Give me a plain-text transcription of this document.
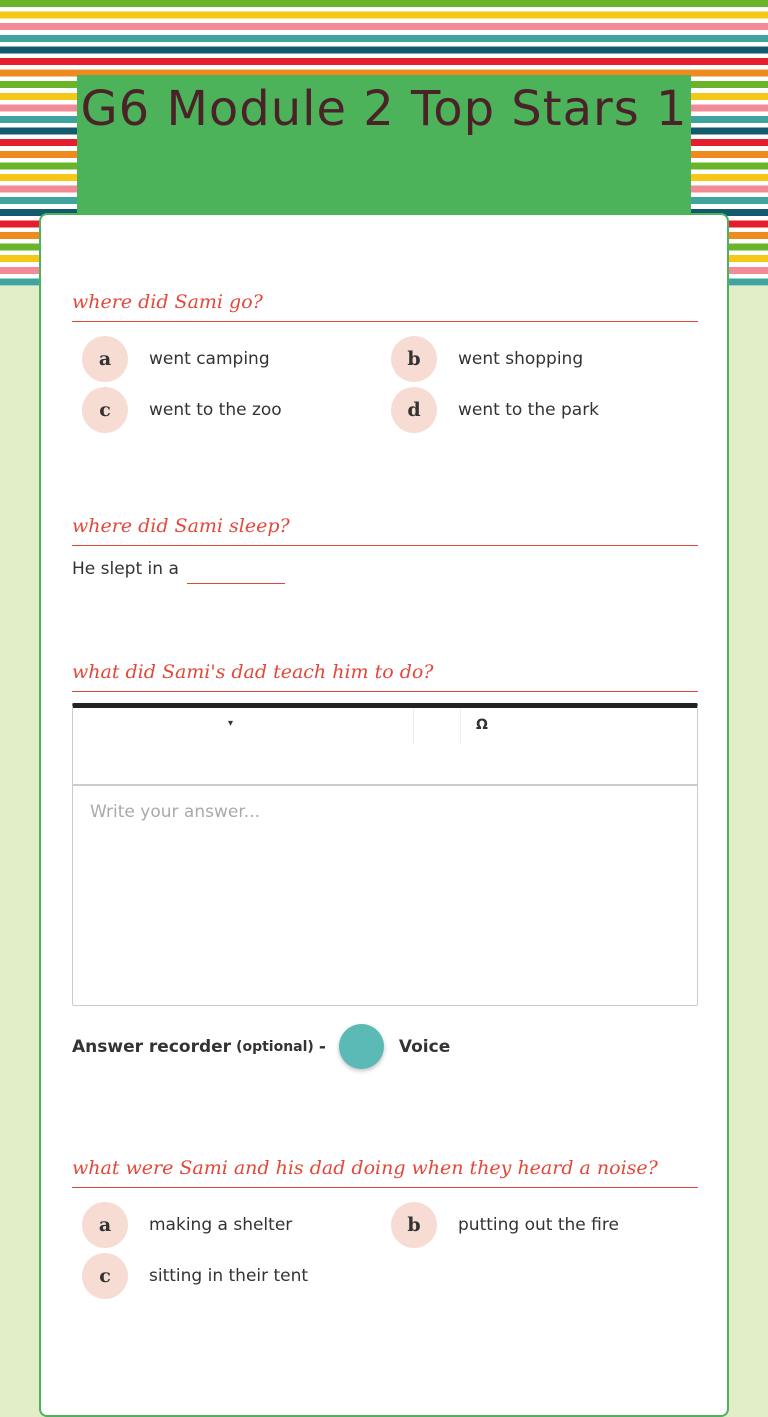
G6 Module 2 Top Stars 1
where did Sami go?
a	went camping	b	went shopping
c	went to the zoo	d	went to the park
where did Sami sleep?
He slept in a
what did Sami's dad teach him to do?
▾	Ω
Write your answer...
Answer recorder (optional) -	Voice
what were Sami and his dad doing when they heard a noise?
a	making a shelter	b	putting out the fire
c	sitting in their tent
